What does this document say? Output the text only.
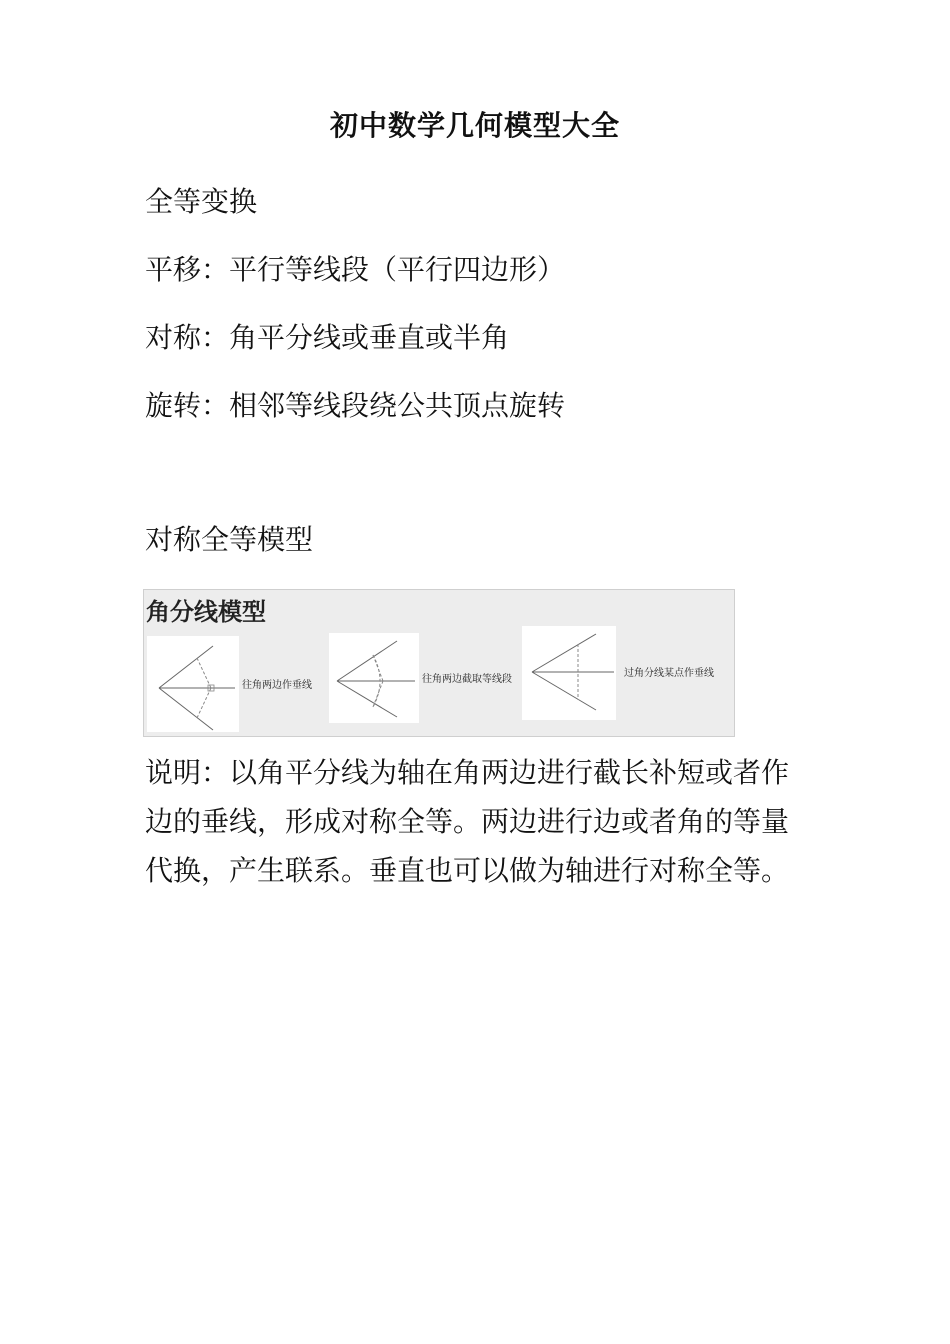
初中数学几何模型大全
全等变换
平移：平行等线段（平行四边形）
对称：角平分线或垂直或半角
旋转：相邻等线段绕公共顶点旋转
对称全等模型
角分线模型
往角两边作垂线
往角两边截取等线段
过角分线某点作垂线
说明：以角平分线为轴在角两边进行截长补短或者作边的垂线，形成对称全等。两边进行边或者角的等量代换，产生联系。垂直也可以做为轴进行对称全等。
